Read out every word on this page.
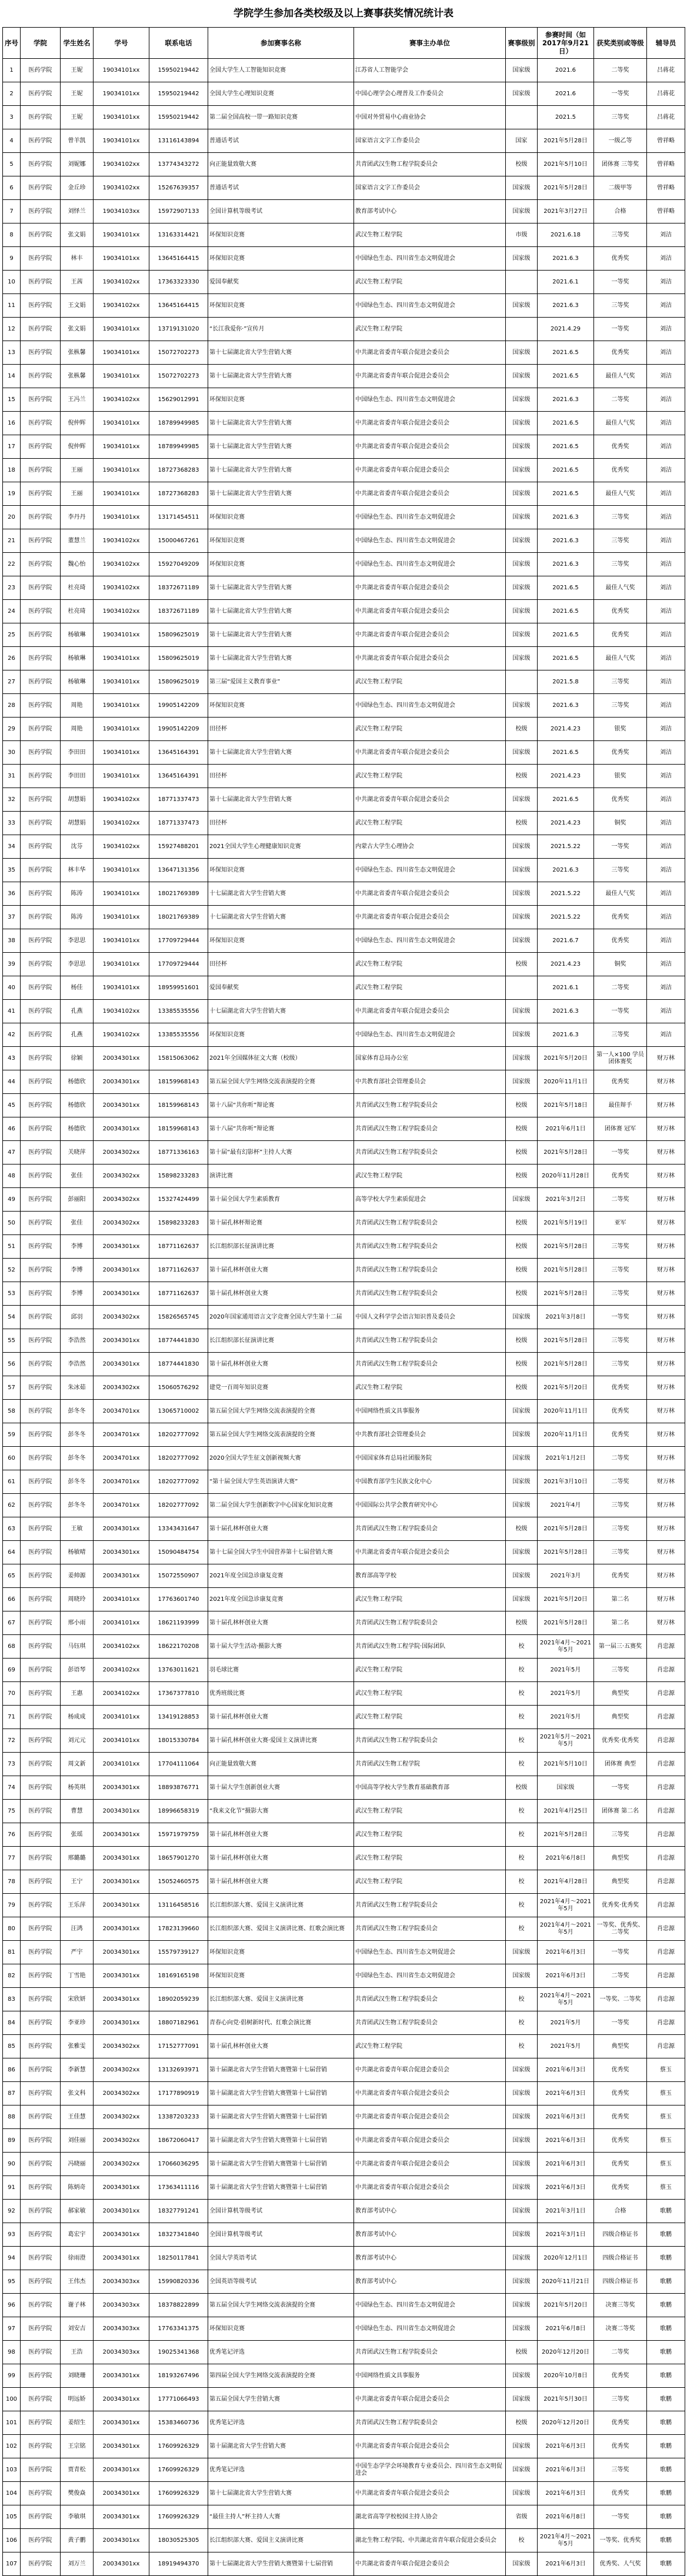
学院学生参加各类校级及以上赛事获奖情况统计表
序号	学院	学生姓名	学号	联系电话	参加赛事名称	赛事主办单位	赛事级别	参赛时间（如 2017年9月21日）	获奖类别或等级	辅导员
1	医药学院	王妮	19034101xx	15950219442	全国大学生人工智能知识竞赛	江苏省人工智能学会	国家级	2021.6	二等奖	吕蒋花
2	医药学院	王妮	19034101xx	15950219442	全国大学生心理知识竞赛	中国心理学会心理普及工作委员会	国家级	2021.6	一等奖	吕蒋花
3	医药学院	王妮	19034101xx	15950219442	第二届全国高校一带一路知识竞赛	中国对外贸易中心商业协会		2021.5	三等奖	吕蒋花
4	医药学院	曾羊凯	19034101xx	13116143894	普通话考试	国家语言文字工作委员会	国家	2021年5月28日	一级乙等	曾祥略
5	医药学院	刘妮娜	19034102xx	13774343272	向正能量致敬大赛	共青团武汉生物工程学院委员会	校级	2021年5月10日	团体赛 三等奖	曾祥略
6	医药学院	金丘珍	19034102xx	15267639357	普通话考试	国家语言文字工作委员会	国家级	2021年5月28日	二级甲等	曾祥略
7	医药学院	刘怿兰	19034103xx	15972907133	全国计算机等级考试	教育部考试中心	国家级	2021年3月27日	合格	曾祥略
8	医药学院	张文娟	19034101xx	13163314421	环保知识竞赛	武汉生物工程学院	市级	2021.6.18	三等奖	刘洁
9	医药学院	林丰	19034101xx	13645164415	环保知识竞赛	中国绿色生态、四川省生态文明促进会	国家级	2021.6.3	优秀奖	刘洁
10	医药学院	王茜	19034102xx	17363323330	爱国奉献奖	武汉生物工程学院		2021.6.1	一等奖	刘洁
11	医药学院	王文娟	19034102xx	13645164415	环保知识竞赛	中国绿色生态、四川省生态文明促进会	国家级	2021.6.3	三等奖	刘洁
12	医药学院	张文娟	19034101xx	13719131020	“长江我爱你·”宣传月	武汉生物工程学院		2021.4.29	一等奖	刘洁
13	医药学院	张枞馨	19034101xx	15072702273	第十七届湖北省大学生营销大赛	中共湖北省委青年联合促进会委员会	国家级	2021.6.5	优秀奖	刘洁
14	医药学院	张枞馨	19034101xx	15072702273	第十七届湖北省大学生营销大赛	中共湖北省委青年联合促进会委员会	国家级	2021.6.5	最佳人气奖	刘洁
15	医药学院	王冯兰	19034102xx	15629012991	环保知识竞赛	中国绿色生态、四川省生态文明促进会	国家级	2021.6.3	二等奖	刘洁
16	医药学院	倪仲辉	19034101xx	18789949985	第十七届湖北省大学生营销大赛	中共湖北省委青年联合促进会委员会	国家级	2021.6.5	最佳人气奖	刘洁
17	医药学院	倪仲辉	19034101xx	18789949985	第十七届湖北省大学生营销大赛	中共湖北省委青年联合促进会委员会	国家级	2021.6.5	优秀奖	刘洁
18	医药学院	王丽	19034101xx	18727368283	第十七届湖北省大学生营销大赛	中共湖北省委青年联合促进会委员会	国家级	2021.6.5	优秀奖	刘洁
19	医药学院	王丽	19034101xx	18727368283	第十七届湖北省大学生营销大赛	中共湖北省委青年联合促进会委员会	国家级	2021.6.5	最佳人气奖	刘洁
20	医药学院	李丹丹	19034101xx	13171454511	环保知识竞赛	中国绿色生态、四川省生态文明促进会	国家级	2021.6.3	三等奖	刘洁
21	医药学院	董慧兰	19034102xx	15000467261	环保知识竞赛	中国绿色生态、四川省生态文明促进会	国家级	2021.6.3	三等奖	刘洁
22	医药学院	魏心怡	19034102xx	15927049209	环保知识竞赛	中国绿色生态、四川省生态文明促进会	国家级	2021.6.3	三等奖	刘洁
23	医药学院	杜亮琦	19034102xx	18372671189	第十七届湖北省大学生营销大赛	中共湖北省委青年联合促进会委员会	国家级	2021.6.5	最佳人气奖	刘洁
24	医药学院	杜亮琦	19034102xx	18372671189	第十七届湖北省大学生营销大赛	中共湖北省委青年联合促进会委员会	国家级	2021.6.5	优秀奖	刘洁
25	医药学院	杨敏琳	19034101xx	15809625019	第十七届湖北省大学生营销大赛	中共湖北省委青年联合促进会委员会	国家级	2021.6.5	优秀奖	刘洁
26	医药学院	杨敏琳	19034101xx	15809625019	第十七届湖北省大学生营销大赛	中共湖北省委青年联合促进会委员会	国家级	2021.6.5	最佳人气奖	刘洁
27	医药学院	杨敏琳	19034101xx	15809625019	第三届“爱国主义教育事业”	武汉生物工程学院		2021.5.8	三等奖	刘洁
28	医药学院	周艳	19034101xx	19905142209	环保知识竞赛	中国绿色生态、四川省生态文明促进会	国家级	2021.6.3	三等奖	刘洁
29	医药学院	周艳	19034101xx	19905142209	田径杯	武汉生物工程学院	校级	2021.4.23	银奖	刘洁
30	医药学院	李田田	19034101xx	13645164391	第十七届湖北省大学生营销大赛	中共湖北省委青年联合促进会委员会	国家级	2021.6.5	优秀奖	刘洁
31	医药学院	李田田	19034101xx	13645164391	田径杯	武汉生物工程学院	校级	2021.4.23	银奖	刘洁
32	医药学院	胡慧娟	19034102xx	18771337473	第十七届湖北省大学生营销大赛	中共湖北省委青年联合促进会委员会	国家级	2021.6.5	优秀奖	刘洁
33	医药学院	胡慧娟	19034102xx	18771337473	田径杯	武汉生物工程学院	校级	2021.4.23	铜奖	刘洁
34	医药学院	沈芬	19034102xx	15927488201	2021全国大学生心理健康知识竞赛	内蒙古大学生心理协会	国家级	2021.5.22	一等奖	刘洁
35	医药学院	林丰华	19034101xx	13647131356	环保知识竞赛	中国绿色生态、四川省生态文明促进会	国家级	2021.6.3	三等奖	刘洁
36	医药学院	陈涛	19034101xx	18021769389	十七届湖北省大学生营销大赛	中共湖北省委青年联合促进会委员会	国家级	2021.5.22	最佳人气奖	刘洁
37	医药学院	陈涛	19034101xx	18021769389	十七届湖北省大学生营销大赛	中共湖北省委青年联合促进会委员会	国家级	2021.5.22	优秀奖	刘洁
38	医药学院	李思思	19034101xx	17709729444	环保知识竞赛	中国绿色生态、四川省生态文明促进会	国家级	2021.6.7	优秀奖	刘洁
39	医药学院	李思思	19034101xx	17709729444	田径杯	武汉生物工程学院	校级	2021.4.23	铜奖	刘洁
40	医药学院	杨佳	19034101xx	18959951601	爱国奉献奖	武汉生物工程学院		2021.6.1	二等奖	刘洁
41	医药学院	孔燕	19034102xx	13385535556	十七届湖北省大学生营销大赛	中共湖北省委青年联合促进会委员会	国家级	2021.6.3	一等奖	刘洁
42	医药学院	孔燕	19034102xx	13385535556	环保知识竞赛	中国绿色生态、四川省生态文明促进会	国家级	2021.6.3	三等奖	刘洁
43	医药学院	徐颖	20034301xx	15815063062	2021年全国媒体征文大赛（校级）	国家体育总局办公室	国家级	2021年5月20日	第一人×100 学员团体赛奖	财万林
44	医药学院	杨德欣	20034301xx	18159968143	第五届全国大学生网络交流表演提的全赛	中共教育部社会管理委员会	国家级	2020年11月1日	优秀奖	财万林
45	医药学院	杨德欣	20034301xx	18159968143	第十八届“共你听”辩论赛	共青团武汉生物工程学院委员会	校级	2021年5月18日	最佳辩手	财万林
46	医药学院	杨德欣	20034301xx	18159968143	第十八届“共你听”辩论赛	共青团武汉生物工程学院委员会	校级	2021年6月1日	团体赛 冠军	财万林
47	医药学院	关晓萍	20034302xx	18771336163	第十届“最有幻影杯”主持人大赛	共青团武汉生物工程学院委员会	校级	2021年5月28日	一等奖	财万林
48	医药学院	张佳	20034302xx	15898233283	演讲比赛	武汉生物工程学院	校级	2020年11月28日	优秀奖	财万林
49	医药学院	彭丽阳	20034302xx	15327424499	第十届全国大学生素质教育	高等学校大学生素质促进会	国家级	2021年3月2日	二等奖	财万林
50	医药学院	张佳	20034302xx	15898233283	第十届孔林杯辩论赛	共青团武汉生物工程学院委员会	校级	2021年5月19日	亚军	财万林
51	医药学院	李博	20034301xx	18771162637	长江组织部长征演讲比赛	共青团武汉生物工程学院委员会	校级	2021年5月28日	三等奖	财万林
52	医药学院	李博	20034301xx	18771162637	第十届孔林杯创业大赛	共青团武汉生物工程学院委员会	校级	2021年5月28日	三等奖	财万林
53	医药学院	李博	20034301xx	18771162637	第十届孔林杯创业大赛	共青团武汉生物工程学院委员会	校级	2021年5月28日	三等奖	财万林
54	医药学院	邱羽	20034302xx	15826565745	2020年国家通用语言文字竞赛全国大学生第十二届	中国人文科学学会语言知识普及委员会	国家级	2021年3月8日	一等奖	财万林
55	医药学院	李浩然	20034301xx	18774441830	长江组织部长征演讲比赛	共青团武汉生物工程学院委员会	校级	2021年5月28日	三等奖	财万林
56	医药学院	李浩然	20034301xx	18774441830	第十届孔林杯创业大赛	共青团武汉生物工程学院委员会	校级	2021年5月28日	三等奖	财万林
57	医药学院	朱冰茹	20034302xx	15060576292	建党一百周年知识竞赛	武汉生物工程学院	校级	2021年5月20日	优秀奖	财万林
58	医药学院	彭冬冬	20034701xx	13065710002	第五届全国大学生网络交流表演提的全赛	中国网络性质文具事服务	国家级	2020年11月1日	优秀奖	财万林
59	医药学院	彭冬冬	20034701xx	18202777092	第五届全国大学生网络交流表演提的全赛	中共教育部社会管理委员会	国家级	2020年11月1日	优秀奖	财万林
60	医药学院	彭冬冬	20034701xx	18202777092	2020全国大学生征文创新视频大赛	中国国家体育总局社团服务院	国家级	2021年1月2日	二等奖	财万林
61	医药学院	彭冬冬	20034701xx	18202777092	“第十届全国大学生英语演讲大赛”	中国教育部学生民族文化中心	国家级	2021年3月10日	二等奖	财万林
62	医药学院	彭冬冬	20034701xx	18202777092	第二届全国大学生创新数字中心国家化知识竞赛	中国国际公共学会教育研究中心	国家级	2021年4月	三等奖	财万林
63	医药学院	王敏	20034301xx	13343431647	第十届孔林杯创业大赛	共青团武汉生物工程学院委员会	校级	2021年5月28日	三等奖	财万林
64	医药学院	杨敏晴	20034301xx	15090484754	第十七届全国大学生中国营养第十七届营销大赛	中共湖北省委青年联合促进会委员会	国家级	2021年5月28日	三等奖	财万林
65	医药学院	姜帅源	20034301xx	15072550907	2021年度全国急诊康复竞赛	教育部高等学校	国家级	2021年3月	优秀奖	财万林
66	医药学院	周晓玲	20034101xx	17763601740	2021年度全国急诊康复竞赛	武汉生物工程学院	国家级	2021年5月20日	第二名	财万林
67	医药学院	邢小雨	20034101xx	18621193999	第十届孔林杯创业大赛	共青团武汉生物工程学院委员会	校级	2021年5月28日	第二名	财万林
68	医药学院	马钰琪	20034102xx	18622170208	第十届大学生活动·摄影大赛	共青团武汉生物工程学院·国际团队	校	2021年4月～2021年5月	第一届三·五赛奖	肖忠源
69	医药学院	彭语琴	20034102xx	13763011621	羽毛球比赛	武汉生物工程学院	校	2021年5月	三等奖	肖忠源
70	医药学院	王惠	20034102xx	17367377810	优秀班级比赛	武汉生物工程学院	校	2021年5月	典型奖	肖忠源
71	医药学院	杨成成	20034101xx	13419128853	第十届孔林杯创业大赛	武汉生物工程学院	校	2021年5月	典型奖	肖忠源
72	医药学院	刘元元	20034101xx	18015330784	第十届孔林杯创业大赛·爱国主义演讲比赛	共青团武汉生物工程学院委员会	校	2021年5月～2021年5月	优秀奖·优秀奖	肖忠源
73	医药学院	周文新	20034101xx	17704111064	向正能量致敬大赛	共青团武汉生物工程学院	校	2021年5月10日	团体赛 典型	肖忠源
74	医药学院	杨英琪	20034301xx	18893876771	第十届大学生创新创业大赛	中国高等学校大学生教育基础教育部	校级	国家级	一等奖	肖忠源
75	医药学院	曹慧	20034301xx	18996658319	“我来文化节”摄影大赛	武汉生物工程学院	校	2021年4月25日	团体赛 第二名	肖忠源
76	医药学院	张瑶	20034301xx	15971979759	第十届孔林杯创业大赛	武汉生物工程学院	校	2021年5月28日	三等奖	肖忠源
77	医药学院	邢璐璐	20034301xx	18657901270	第十届孔林杯创业大赛	武汉生物工程学院	校	2021年6月8日	典型奖	肖忠源
78	医药学院	王宁	20034301xx	15052460575	第十届孔林杯创业大赛	武汉生物工程学院	校	2021年4月28日	典型奖	肖忠源
79	医药学院	王乐萍	20034301xx	13116458516	长江组织部大赛、爱国主义演讲比赛	共青团武汉生物工程学院委员会	校	2021年4月～2021年5月	优秀奖·优秀奖	肖忠源
80	医药学院	汪鸿	20034301xx	17823139660	长江组织部大赛、爱国主义演讲比赛、红歌会演比赛	共青团武汉生物工程学院委员会	校	2021年4月～2021年5月	一等奖、优秀奖、二等奖	肖忠源
81	医药学院	严宇	20034301xx	15579739127	环保知识竞赛	中国绿色生态、四川省生态文明促进会	国家级	2021年6月3日	一等奖	肖忠源
82	医药学院	丁雪艳	20034301xx	18169165198	环保知识竞赛	中国绿色生态、四川省生态文明促进会	国家级	2021年6月3日	二等奖	肖忠源
83	医药学院	宋欣妍	20034301xx	18902059239	长江组织部大赛、爱国主义演讲比赛	共青团武汉生物工程学院委员会	校	2021年4月～2021年5月	一等奖、二等奖	肖忠源
84	医药学院	李亚珍	20034301xx	18807182961	青春心向党·倡树新时代、红歌会演比赛	共青团武汉生物工程学院委员会	校	2021年5月	一等奖	肖忠源
85	医药学院	张雅雯	20034302xx	17152777091	第十届孔林杯创业大赛	武汉生物工程学院	校	2021年5月	典型奖	肖忠源
86	医药学院	李新慧	20034302xx	13132693971	第十届湖北省大学生营销大赛暨第十七届营销	中共湖北省委青年联合促进会委员会	国家级	2021年6月3日	优秀奖	蔡玉
87	医药学院	张文科	20034302xx	17177890919	第十届湖北省大学生营销大赛暨第十七届营销	中共湖北省委青年联合促进会委员会	国家级	2021年6月3日	优秀奖	蔡玉
88	医药学院	王佳慧	20034302xx	13387203233	第十届湖北省大学生营销大赛暨第十七届营销	中共湖北省委青年联合促进会委员会	国家级	2021年6月3日	优秀奖	蔡玉
89	医药学院	刘佳丽	20034302xx	18672060417	第十届湖北省大学生营销大赛暨第十七届营销	中共湖北省委青年联合促进会委员会	国家级	2021年6月3日	优秀奖	蔡玉
90	医药学院	冯晓丽	20034302xx	17066036295	第十届湖北省大学生营销大赛暨第十七届营销	中共湖北省委青年联合促进会委员会	国家级	2021年6月3日	优秀奖	蔡玉
91	医药学院	陈炳奇	20034301xx	17363411116	第十届湖北省大学生营销大赛暨第十七届营销	中共湖北省委青年联合促进会委员会	国家级	2021年6月3日	优秀奖	蔡玉
92	医药学院	郝家敏	20034301xx	18327791241	全国计算机等级考试	教育部考试中心	国家级	2021年3月1日	合格	歌鹏
93	医药学院	葛宏宇	20034301xx	18327341840	全国计算机等级考试	教育部考试中心	国家级	2021年3月1日	四级合格证书	歌鹏
94	医药学院	徐雨澄	20034301xx	18250117841	全国大学英语考试	教育部考试中心	国家级	2020年12月1日	四级合格证书	歌鹏
95	医药学院	王伟杰	20034303xx	15990820336	全国英语等级考试	教育部考试中心	国家级	2020年11月21日	四级合格证书	歌鹏
96	医药学院	谢子林	20034303xx	18378822899	第五届全国大学生网络交流表演提的全赛	中国绿色生态、四川省生态文明促进会	国家级	2021年5月20日	决赛三等奖	歌鹏
97	医药学院	刘安吉	20034303xx	17763341375	环保知识竞赛	中国绿色生态、四川省生态文明促进会	国家级	2021年6月8日	决赛二等奖	歌鹏
98	医药学院	王浩	20034303xx	19025341368	优秀笔记评选	共青团武汉生物工程学院委员会	校级	2020年12月20日	二等奖	歌鹏
99	医药学院	刘晓珊	20034301xx	18193267496	第四届全国大学生网络交流表演提的全赛	中国网络性质文具事服务	国家级	2020年10月8日	优秀奖	歌鹏
100	医药学院	明远娇	20034301xx	17771066493	第五届全国大学生营销大赛	中共湖北省委青年联合促进会委员会	国家级	2021年5月30日	三等奖	歌鹏
101	医药学院	姜绍生	20034301xx	15383460736	优秀笔记评选	共青团武汉生物工程学院委员会	校级	2020年12月20日	优秀奖	歌鹏
102	医药学院	王宗铭	20034301xx	17609926329	第十届湖北省大学生营销大赛	中共湖北省委青年联合促进会委员会	国家级	2021年6月3日	优秀奖	歌鹏
103	医药学院	贾青松	20034301xx	17609926329	优秀笔记评选	中国生态学学会环境教育专业委员会、四川省生态文明促进会	国家级	2021年6月3日	三等奖	歌鹏
104	医药学院	樊俊焱	20034301xx	17609926329	第十七届湖北省大学生营销大赛	中共湖北省委青年联合促进会委员会	国家级	2021年6月3日	优秀奖	歌鹏
105	医药学院	李敏琪	20034301xx	17609926329	“最佳主持人”杯主持人大赛	湖北省高等学校校园主持人协会	省级	2021年6月8日	一等奖	歌鹏
106	医药学院	黄子鹏	20034301xx	18030525305	长江组织部大赛、爱国主义演讲比赛	湖北生物工程学院、中共湖北省青年联合促进会委员会	校	2021年4月～2021年5月	一等奖、优秀奖	歌鹏
107	医药学院	刘万兰	20034301xx	18919494370	第十七届湖北省大学生营销大赛暨第十七届营销	中共湖北省委青年联合促进会委员会	国家级	2021年6月3日	优秀奖、人气奖	歌鹏
